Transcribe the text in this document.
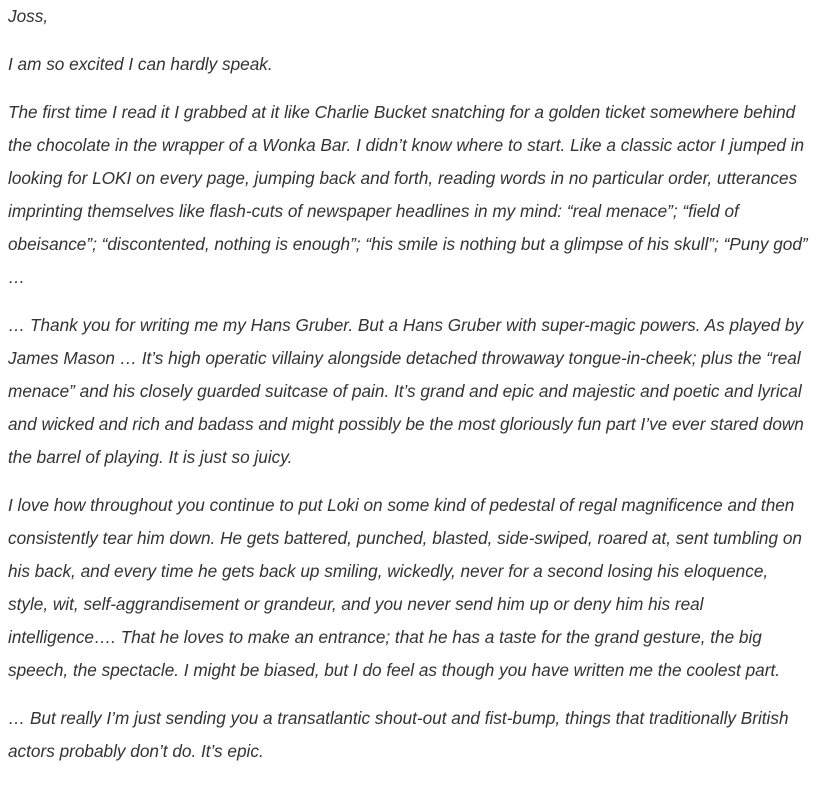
Joss,

I am so excited I can hardly speak.

The first time I read it I grabbed at it like Charlie Bucket snatching for a golden ticket somewhere behind the chocolate in the wrapper of a Wonka Bar. I didn’t know where to start. Like a classic actor I jumped in looking for LOKI on every page, jumping back and forth, reading words in no particular order, utterances imprinting themselves like flash-cuts of newspaper headlines in my mind: “real menace”; “field of obeisance”; “discontented, nothing is enough”; “his smile is nothing but a glimpse of his skull”; “Puny god” …

… Thank you for writing me my Hans Gruber. But a Hans Gruber with super-magic powers. As played by James Mason … It’s high operatic villainy alongside detached throwaway tongue-in-cheek; plus the “real menace” and his closely guarded suitcase of pain. It’s grand and epic and majestic and poetic and lyrical and wicked and rich and badass and might possibly be the most gloriously fun part I’ve ever stared down the barrel of playing. It is just so juicy.

I love how throughout you continue to put Loki on some kind of pedestal of regal magnificence and then consistently tear him down. He gets battered, punched, blasted, side-swiped, roared at, sent tumbling on his back, and every time he gets back up smiling, wickedly, never for a second losing his eloquence, style, wit, self-aggrandisement or grandeur, and you never send him up or deny him his real intelligence…. That he loves to make an entrance; that he has a taste for the grand gesture, the big speech, the spectacle. I might be biased, but I do feel as though you have written me the coolest part.

… But really I’m just sending you a transatlantic shout-out and fist-bump, things that traditionally British actors probably don’t do. It’s epic.
